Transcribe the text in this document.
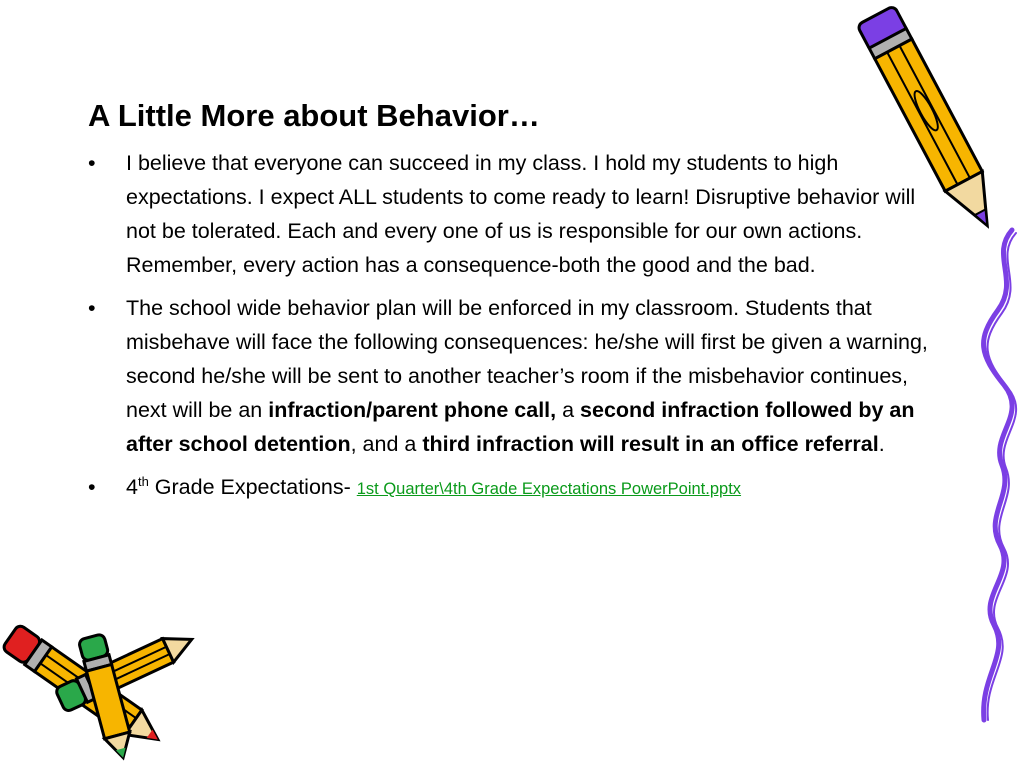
A Little More about Behavior…
• I believe that everyone can succeed in my class. I hold my students to high expectations. I expect ALL students to come ready to learn! Disruptive behavior will not be tolerated. Each and every one of us is responsible for our own actions. Remember, every action has a consequence-both the good and the bad.
• The school wide behavior plan will be enforced in my classroom. Students that misbehave will face the following consequences: he/she will first be given a warning, second he/she will be sent to another teacher’s room if the misbehavior continues, next will be an infraction/parent phone call, a second infraction followed by an after school detention, and a third infraction will result in an office referral.
• 4th Grade Expectations- 1st Quarter\4th Grade Expectations PowerPoint.pptx
